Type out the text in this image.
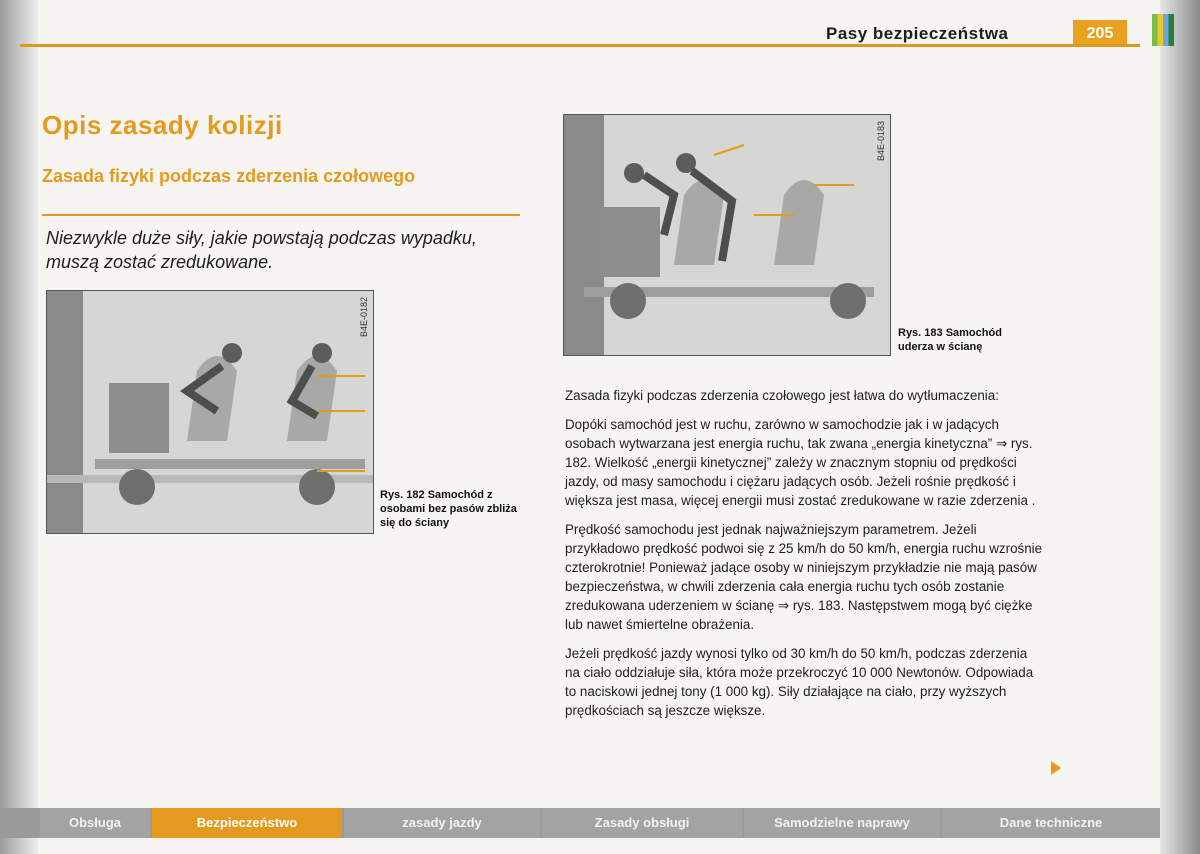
Pasy bezpieczeństwa	205
Opis zasady kolizji
Zasada fizyki podczas zderzenia czołowego
Niezwykle duże siły, jakie powstają podczas wypadku, muszą zostać zredukowane.
B4E-0182
Rys. 182 Samochód z osobami bez pasów zbliża się do ściany
B4E-0183
Rys. 183 Samochód uderza w ścianę

Zasada fizyki podczas zderzenia czołowego jest łatwa do wytłumaczenia:

Dopóki samochód jest w ruchu, zarówno w samochodzie jak i w jadących osobach wytwarzana jest energia ruchu, tak zwana „energia kinetyczna” ⇒ rys. 182. Wielkość „energii kinetycznej” zależy w znacznym stopniu od prędkości jazdy, od masy samochodu i ciężaru jadących osób. Jeżeli rośnie prędkość i większa jest masa, więcej energii musi zostać zredukowane w razie zderzenia .

Prędkość samochodu jest jednak najważniejszym parametrem. Jeżeli przykładowo prędkość podwoi się z 25 km/h do 50 km/h, energia ruchu wzrośnie czterokrotnie! Ponieważ jadące osoby w niniejszym przykładzie nie mają pasów bezpieczeństwa, w chwili zderzenia cała energia ruchu tych osób zostanie zredukowana uderzeniem w ścianę ⇒ rys. 183. Następstwem mogą być ciężke lub nawet śmiertelne obrażenia.

Jeżeli prędkość jazdy wynosi tylko od 30 km/h do 50 km/h, podczas zderzenia na ciało oddziałuje siła, która może przekroczyć 10 000 Newtonów. Odpowiada to naciskowi jednej tony (1 000 kg). Siły działające na ciało, przy wyższych prędkościach są jeszcze większe.

Obsługa	Bezpieczeństwo	zasady jazdy	Zasady obsługi	Samodzielne naprawy	Dane techniczne
